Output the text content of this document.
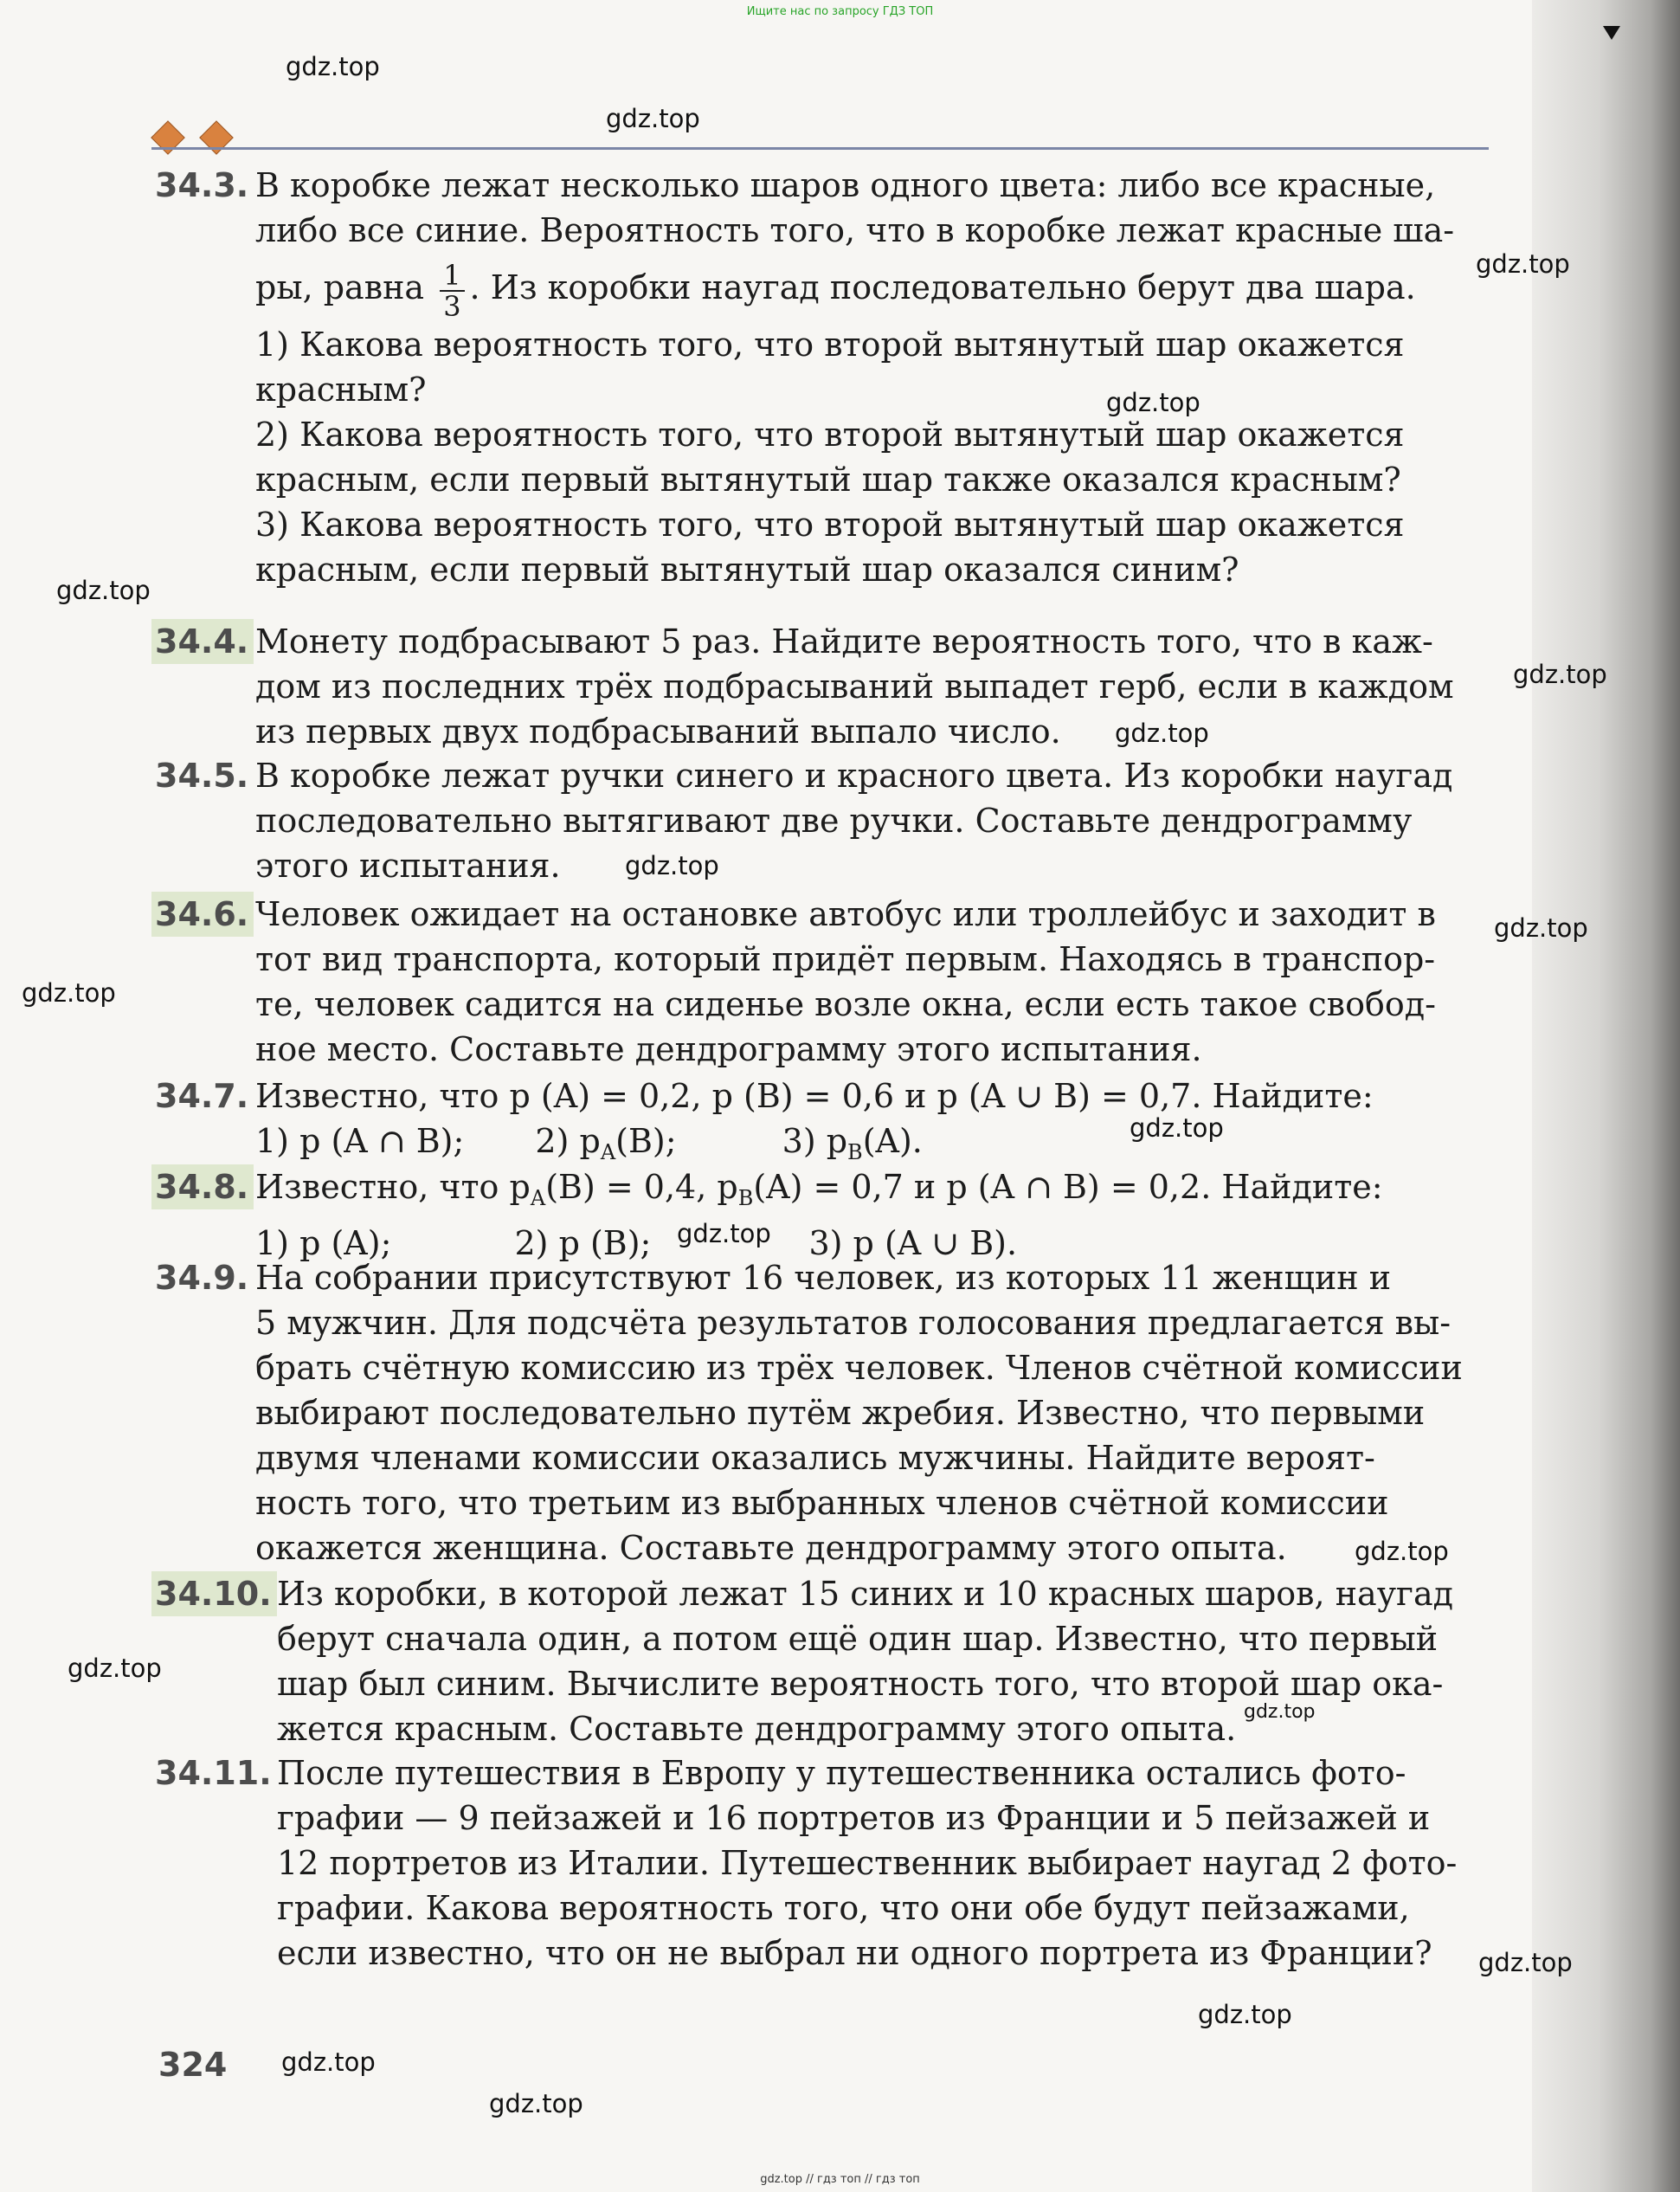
Ищите нас по запросу ГДЗ ТОП
34.3. В коробке лежат несколько шаров одного цвета: либо все красные,
либо все синие. Вероятность того, что в коробке лежат красные ша-
ры, равна $\frac{1}{3}$ . Из коробки наугад последовательно берут два шара.
1) Какова вероятность того, что второй вытянутый шар окажется
красным?
2) Какова вероятность того, что второй вытянутый шар окажется
красным, если первый вытянутый шар также оказался красным?
3) Какова вероятность того, что второй вытянутый шар окажется
красным, если первый вытянутый шар оказался синим?
34.4. Монету подбрасывают 5 раз. Найдите вероятность того, что в каж-
дом из последних трёх подбрасываний выпадет герб, если в каждом
из первых двух подбрасываний выпало число.
34.5. В коробке лежат ручки синего и красного цвета. Из коробки наугад
последовательно вытягивают две ручки. Составьте дендрограмму
этого испытания.
34.6. Человек ожидает на остановке автобус или троллейбус и заходит в
тот вид транспорта, который придёт первым. Находясь в транспор-
те, человек садится на сиденье возле окна, если есть такое свобод-
ное место. Составьте дендрограмму этого испытания.
34.7. Известно, что p (A) = 0,2, p (B) = 0,6 и p (A ∪ B) = 0,7. Найдите:
1) p (A ∩ B); 2) $p_A(B)$;	3) $p_B(A)$.
34.8. Известно, что $p_A(B) = 0,4$, $p_B(A) = 0,7$ и p (A ∩ B) = 0,2. Найдите:
1) p (A);	2) p (B);	3) p (A ∪ B).
34.9. На собрании присутствуют 16 человек, из которых 11 женщин и
5 мужчин. Для подсчёта результатов голосования предлагается вы-
брать счётную комиссию из трёх человек. Членов счётной комиссии
выбирают последовательно путём жребия. Известно, что первыми
двумя членами комиссии оказались мужчины. Найдите вероят-
ность того, что третьим из выбранных членов счётной комиссии
окажется женщина. Составьте дендрограмму этого опыта.
34.10. Из коробки, в которой лежат 15 синих и 10 красных шаров, наугад
берут сначала один, а потом ещё один шар. Известно, что первый
шар был синим. Вычислите вероятность того, что второй шар ока-
жется красным. Составьте дендрограмму этого опыта.
34.11. После путешествия в Европу у путешественника остались фото-
графии — 9 пейзажей и 16 портретов из Франции и 5 пейзажей и
12 портретов из Италии. Путешественник выбирает наугад 2 фото-
графии. Какова вероятность того, что они обе будут пейзажами,
если известно, что он не выбрал ни одного портрета из Франции?
gdz.top
gdz.top
gdz.top
gdz.top
gdz.top
gdz.top
gdz.top
gdz.top
gdz.top
gdz.top
gdz.top
gdz.top
gdz.top
gdz.top
gdz.top
gdz.top
gdz.top
gdz.top
gdz.top
324
gdz.top // гдз топ // гдз топ
